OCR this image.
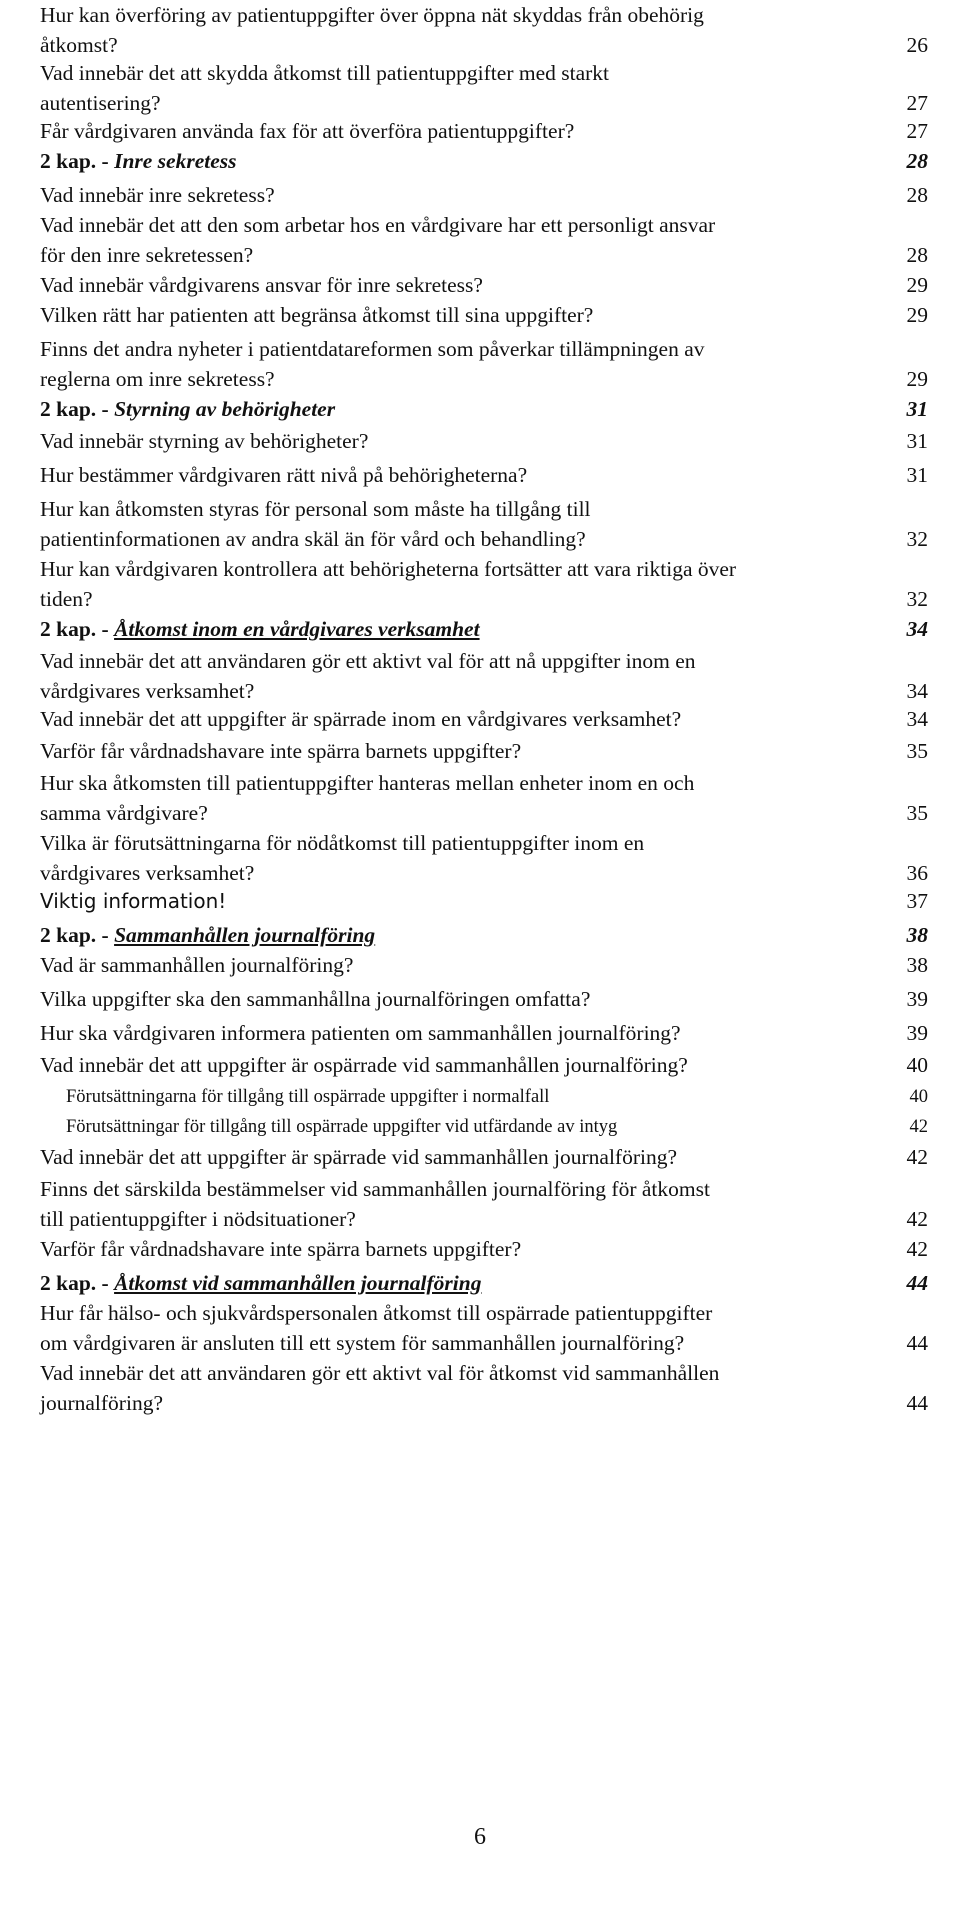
Hur kan överföring av patientuppgifter över öppna nät skyddas från obehörig
åtkomst?	26
Vad innebär det att skydda åtkomst till patientuppgifter med starkt
autentisering?	27
Får vårdgivaren använda fax för att överföra patientuppgifter?	27
2 kap. - Inre sekretess	28
Vad innebär inre sekretess?	28
Vad innebär det att den som arbetar hos en vårdgivare har ett personligt ansvar
för den inre sekretessen?	28
Vad innebär vårdgivarens ansvar för inre sekretess?	29
Vilken rätt har patienten att begränsa åtkomst till sina uppgifter?	29
Finns det andra nyheter i patientdatareformen som påverkar tillämpningen av
reglerna om inre sekretess?	29
2 kap. - Styrning av behörigheter	31
Vad innebär styrning av behörigheter?	31
Hur bestämmer vårdgivaren rätt nivå på behörigheterna?	31
Hur kan åtkomsten styras för personal som måste ha tillgång till
patientinformationen av andra skäl än för vård och behandling?	32
Hur kan vårdgivaren kontrollera att behörigheterna fortsätter att vara riktiga över
tiden?	32
2 kap. - Åtkomst inom en vårdgivares verksamhet	34
Vad innebär det att användaren gör ett aktivt val för att nå uppgifter inom en
vårdgivares verksamhet?	34
Vad innebär det att uppgifter är spärrade inom en vårdgivares verksamhet?	34
Varför får vårdnadshavare inte spärra barnets uppgifter?	35
Hur ska åtkomsten till patientuppgifter hanteras mellan enheter inom en och
samma vårdgivare?	35
Vilka är förutsättningarna för nödåtkomst till patientuppgifter inom en
vårdgivares verksamhet?	36
Viktig information!	37
2 kap. - Sammanhållen journalföring	38
Vad är sammanhållen journalföring?	38
Vilka uppgifter ska den sammanhållna journalföringen omfatta?	39
Hur ska vårdgivaren informera patienten om sammanhållen journalföring?	39
Vad innebär det att uppgifter är ospärrade vid sammanhållen journalföring?	40
Förutsättningarna för tillgång till ospärrade uppgifter i normalfall	40
Förutsättningar för tillgång till ospärrade uppgifter vid utfärdande av intyg	42
Vad innebär det att uppgifter är spärrade vid sammanhållen journalföring?	42
Finns det särskilda bestämmelser vid sammanhållen journalföring för åtkomst
till patientuppgifter i nödsituationer?	42
Varför får vårdnadshavare inte spärra barnets uppgifter?	42
2 kap. - Åtkomst vid sammanhållen journalföring	44
Hur får hälso- och sjukvårdspersonalen åtkomst till ospärrade patientuppgifter
om vårdgivaren är ansluten till ett system för sammanhållen journalföring?	44
Vad innebär det att användaren gör ett aktivt val för åtkomst vid sammanhållen
journalföring?	44
6
